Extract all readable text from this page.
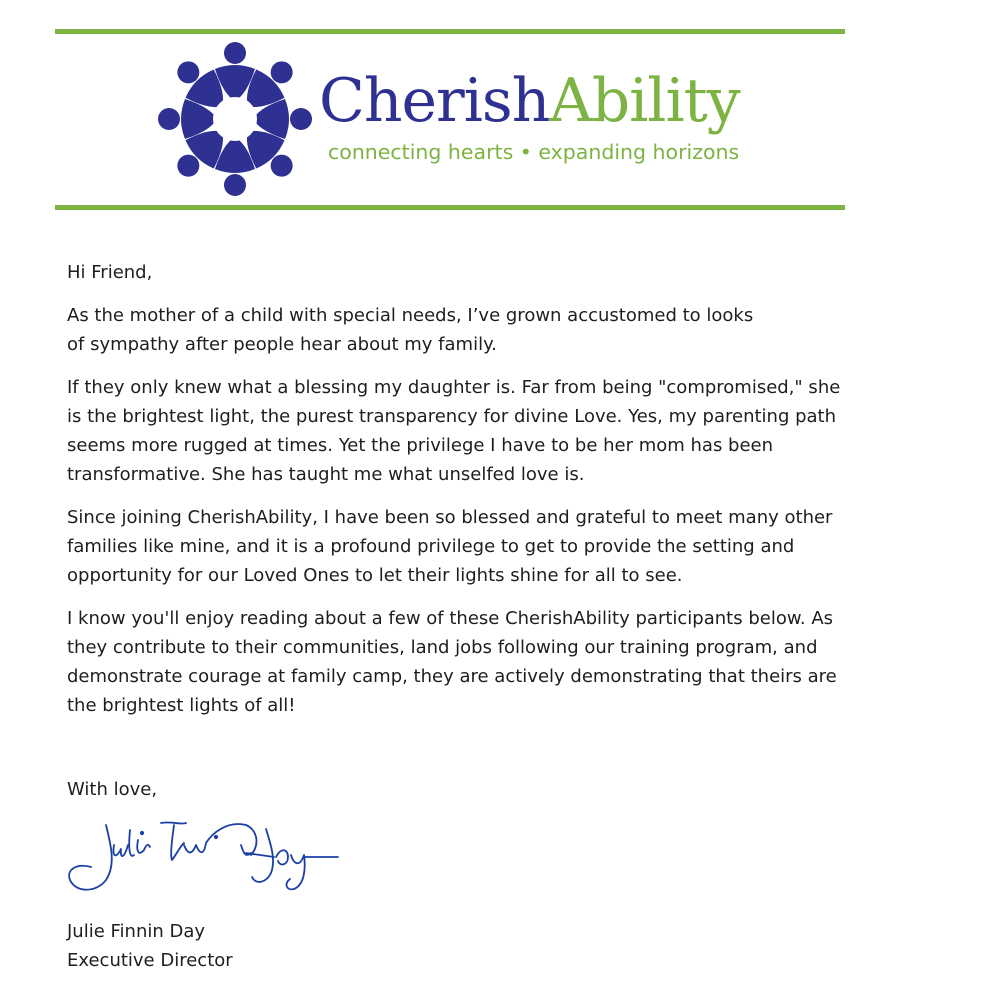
CherishAbility
connecting hearts • expanding horizons

Hi Friend,

As the mother of a child with special needs, I’ve grown accustomed to looks of sympathy after people hear about my family.

If they only knew what a blessing my daughter is. Far from being "compromised," she is the brightest light, the purest transparency for divine Love. Yes, my parenting path seems more rugged at times. Yet the privilege I have to be her mom has been transformative. She has taught me what unselfed love is.

Since joining CherishAbility, I have been so blessed and grateful to meet many other families like mine, and it is a profound privilege to get to provide the setting and opportunity for our Loved Ones to let their lights shine for all to see.

I know you'll enjoy reading about a few of these CherishAbility participants below. As they contribute to their communities, land jobs following our training program, and demonstrate courage at family camp, they are actively demonstrating that theirs are the brightest lights of all!

With love,
Julie Finnin Day
Executive Director
